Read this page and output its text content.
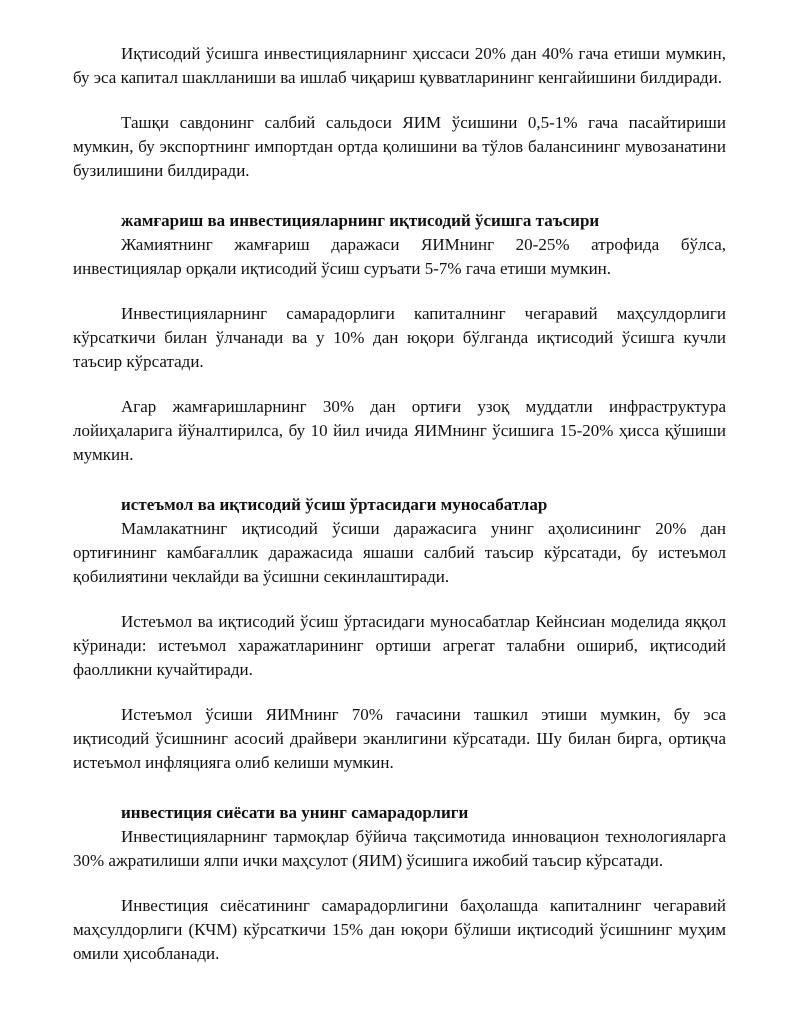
Иқтисодий ўсишга инвестицияларнинг ҳиссаси 20% дан 40% гача етиши мумкин, бу эса капитал шаклланиши ва ишлаб чиқариш қувватларининг кенгайишини билдиради.

Ташқи савдонинг салбий сальдоси ЯИМ ўсишини 0,5-1% гача пасайтириши мумкин, бу экспортнинг импортдан ортда қолишини ва тўлов балансининг мувозанатини бузилишини билдиради.

жамғариш ва инвестицияларнинг иқтисодий ўсишга таъсири

Жамиятнинг жамғариш даражаси ЯИМнинг 20-25% атрофида бўлса, инвестициялар орқали иқтисодий ўсиш суръати 5-7% гача етиши мумкин.

Инвестицияларнинг самарадорлиги капиталнинг чегаравий маҳсулдорлиги кўрсаткичи билан ўлчанади ва у 10% дан юқори бўлганда иқтисодий ўсишга кучли таъсир кўрсатади.

Агар жамғаришларнинг 30% дан ортиғи узоқ муддатли инфраструктура лойиҳаларига йўналтирилса, бу 10 йил ичида ЯИМнинг ўсишига 15-20% ҳисса қўшиши мумкин.

истеъмол ва иқтисодий ўсиш ўртасидаги муносабатлар

Мамлакатнинг иқтисодий ўсиши даражасига унинг аҳолисининг 20% дан ортиғининг камбағаллик даражасида яшаши салбий таъсир кўрсатади, бу истеъмол қобилиятини чеклайди ва ўсишни секинлаштиради.

Истеъмол ва иқтисодий ўсиш ўртасидаги муносабатлар Кейнсиан моделида яққол кўринади: истеъмол харажатларининг ортиши агрегат талабни ошириб, иқтисодий фаолликни кучайтиради.

Истеъмол ўсиши ЯИМнинг 70% гачасини ташкил этиши мумкин, бу эса иқтисодий ўсишнинг асосий драйвери эканлигини кўрсатади. Шу билан бирга, ортиқча истеъмол инфляцияга олиб келиши мумкин.

инвестиция сиёсати ва унинг самарадорлиги

Инвестицияларнинг тармоқлар бўйича тақсимотида инновацион технологияларга 30% ажратилиши ялпи ички маҳсулот (ЯИМ) ўсишига ижобий таъсир кўрсатади.

Инвестиция сиёсатининг самарадорлигини баҳолашда капиталнинг чегаравий маҳсулдорлиги (КЧМ) кўрсаткичи 15% дан юқори бўлиши иқтисодий ўсишнинг муҳим омили ҳисобланади.
